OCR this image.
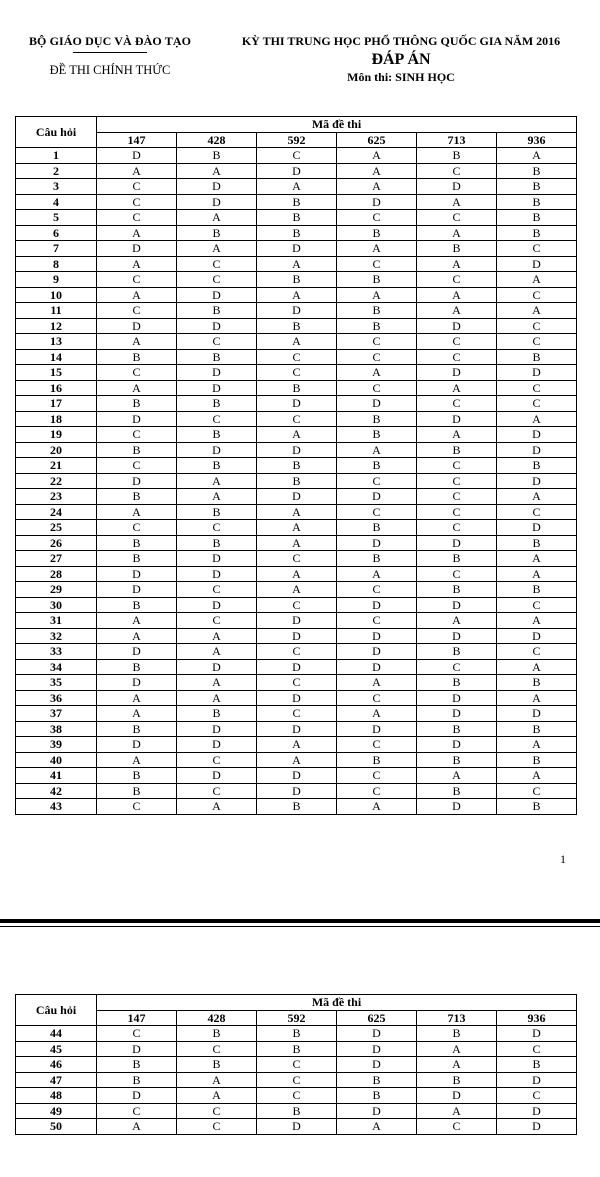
BỘ GIÁO DỤC VÀ ĐÀO TẠO
ĐỀ THI CHÍNH THỨC
KỲ THI TRUNG HỌC PHỔ THÔNG QUỐC GIA NĂM 2016
ĐÁP ÁN
Môn thi: SINH HỌC
Câu hỏi	Mã đề thi					
	147	428	592	625	713	936
1	D	B	C	A	B	A
2	A	A	D	A	C	B
3	C	D	A	A	D	B
4	C	D	B	D	A	B
5	C	A	B	C	C	B
6	A	B	B	B	A	B
7	D	A	D	A	B	C
8	A	C	A	C	A	D
9	C	C	B	B	C	A
10	A	D	A	A	A	C
11	C	B	D	B	A	A
12	D	D	B	B	D	C
13	A	C	A	C	C	C
14	B	B	C	C	C	B
15	C	D	C	A	D	D
16	A	D	B	C	A	C
17	B	B	D	D	C	C
18	D	C	C	B	D	A
19	C	B	A	B	A	D
20	B	D	D	A	B	D
21	C	B	B	B	C	B
22	D	A	B	C	C	D
23	B	A	D	D	C	A
24	A	B	A	C	C	C
25	C	C	A	B	C	D
26	B	B	A	D	D	B
27	B	D	C	B	B	A
28	D	D	A	A	C	A
29	D	C	A	C	B	B
30	B	D	C	D	D	C
31	A	C	D	C	A	A
32	A	A	D	D	D	D
33	D	A	C	D	B	C
34	B	D	D	D	C	A
35	D	A	C	A	B	B
36	A	A	D	C	D	A
37	A	B	C	A	D	D
38	B	D	D	D	B	B
39	D	D	A	C	D	A
40	A	C	A	B	B	B
41	B	D	D	C	A	A
42	B	C	D	C	B	C
43	C	A	B	A	D	B
1
Câu hỏi	Mã đề thi					
	147	428	592	625	713	936
44	C	B	B	D	B	D
45	D	C	B	D	A	C
46	B	B	C	D	A	B
47	B	A	C	B	B	D
48	D	A	C	B	D	C
49	C	C	B	D	A	D
50	A	C	D	A	C	D
